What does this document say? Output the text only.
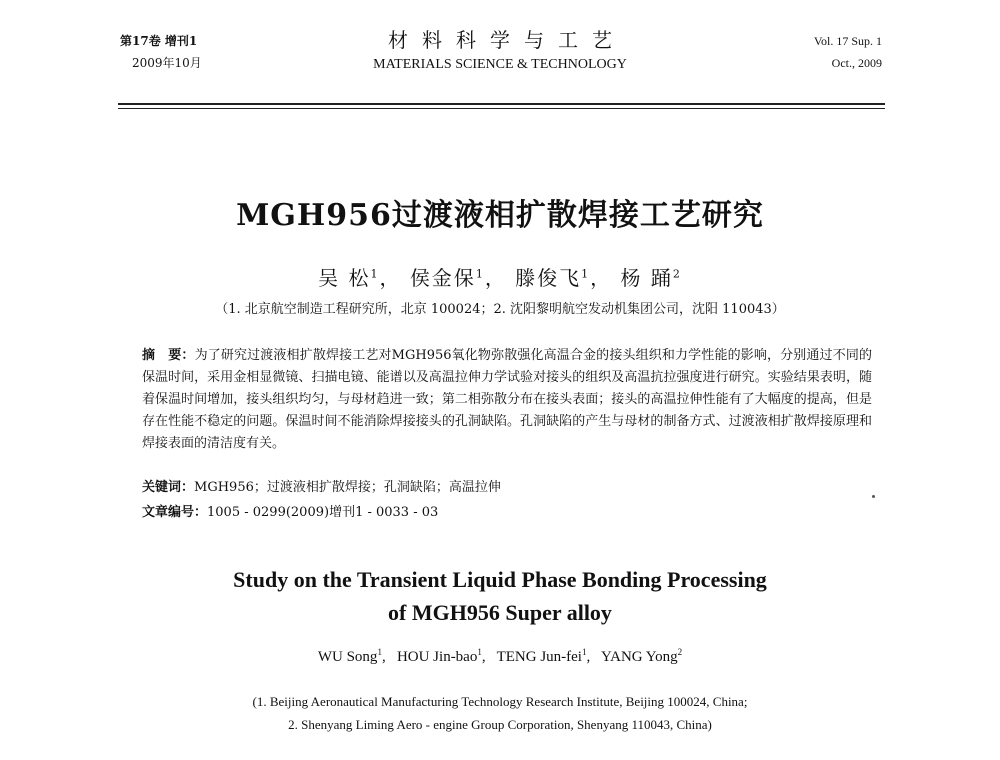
第17卷 增刊1
2009年10月
材料科学与工艺
MATERIALS SCIENCE & TECHNOLOGY
Vol. 17 Sup. 1
Oct., 2009
MGH956过渡液相扩散焊接工艺研究
吴 松$^1$， 侯金保$^1$， 滕俊飞$^1$， 杨 踊$^2$
（1. 北京航空制造工程研究所，北京 100024；2. 沈阳黎明航空发动机集团公司，沈阳 110043）
摘　要：为了研究过渡液相扩散焊接工艺对MGH956氧化物弥散强化高温合金的接头组织和力学性能的影响，分别通过不同的保温时间，采用金相显微镜、扫描电镜、能谱以及高温拉伸力学试验对接头的组织及高温抗拉强度进行研究。实验结果表明，随着保温时间增加，接头组织均匀，与母材趋进一致；第二相弥散分布在接头表面；接头的高温拉伸性能有了大幅度的提高，但是存在性能不稳定的问题。保温时间不能消除焊接接头的孔洞缺陷。孔洞缺陷的产生与母材的制备方式、过渡液相扩散焊接原理和焊接表面的清洁度有关。
关键词：MGH956；过渡液相扩散焊接；孔洞缺陷；高温拉伸
文章编号：1005 - 0299(2009)增刊1 - 0033 - 03
Study on the Transient Liquid Phase Bonding Processing
of MGH956 Super alloy
WU Song$^1$,   HOU Jin-bao$^1$,   TENG Jun-fei$^1$,   YANG Yong$^2$
(1. Beijing Aeronautical Manufacturing Technology Research Institute, Beijing 100024, China;
2. Shenyang Liming Aero - engine Group Corporation, Shenyang 110043, China)
